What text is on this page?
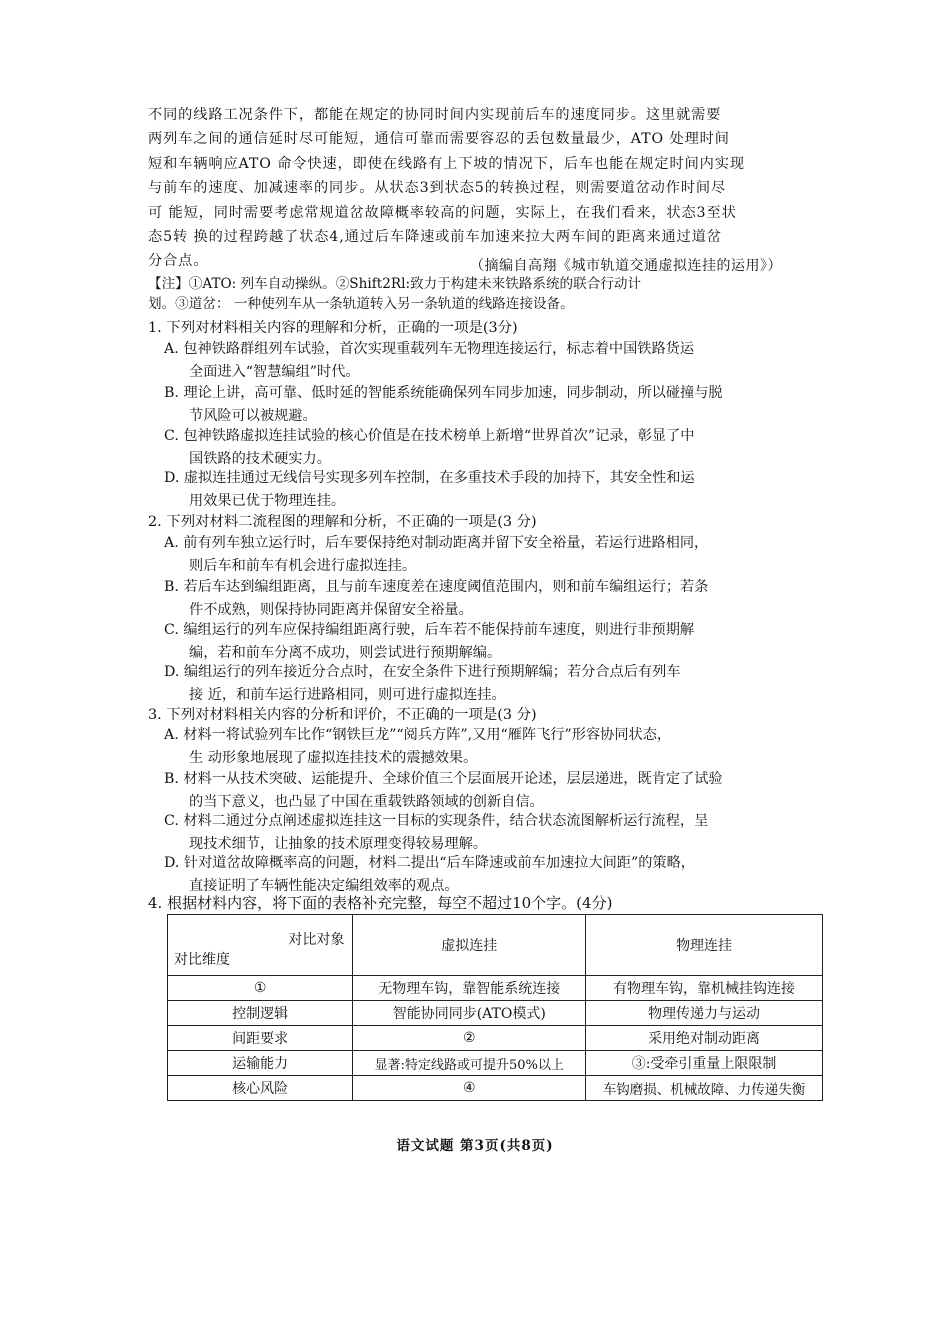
不同的线路工况条件下，都能在规定的协同时间内实现前后车的速度同步。这里就需要
两列车之间的通信延时尽可能短，通信可靠而需要容忍的丢包数量最少，ATO 处理时间
短和车辆响应ATO 命令快速，即使在线路有上下坡的情况下，后车也能在规定时间内实现
与前车的速度、加减速率的同步。从状态3到状态5的转换过程，则需要道岔动作时间尽
可 能短，同时需要考虑常规道岔故障概率较高的问题，实际上，在我们看来，状态3至状
态5转 换的过程跨越了状态4,通过后车降速或前车加速来拉大两车间的距离来通过道岔
分合点。	（摘编自高翔《城市轨道交通虚拟连挂的运用》）
【注】①ATO: 列车自动操纵。②Shift2Rl:致力于构建未来铁路系统的联合行动计
划。③道岔： 一种使列车从一条轨道转入另一条轨道的线路连接设备。
1. 下列对材料相关内容的理解和分析，正确的一项是(3分)
A. 包神铁路群组列车试验，首次实现重载列车无物理连接运行，标志着中国铁路货运
全面进入“智慧编组”时代。
B. 理论上讲，高可靠、低时延的智能系统能确保列车同步加速，同步制动，所以碰撞与脱
节风险可以被规避。
C. 包神铁路虚拟连挂试验的核心价值是在技术榜单上新增“世界首次”记录，彰显了中
国铁路的技术硬实力。
D. 虚拟连挂通过无线信号实现多列车控制，在多重技术手段的加持下，其安全性和运
用效果已优于物理连挂。
2. 下列对材料二流程图的理解和分析，不正确的一项是(3 分)
A. 前有列车独立运行时，后车要保持绝对制动距离并留下安全裕量，若运行进路相同，
则后车和前车有机会进行虚拟连挂。
B. 若后车达到编组距离，且与前车速度差在速度阈值范围内，则和前车编组运行；若条
件不成熟，则保持协同距离并保留安全裕量。
C. 编组运行的列车应保持编组距离行驶，后车若不能保持前车速度，则进行非预期解
编，若和前车分离不成功，则尝试进行预期解编。
D. 编组运行的列车接近分合点时，在安全条件下进行预期解编；若分合点后有列车
接 近，和前车运行进路相同，则可进行虚拟连挂。
3. 下列对材料相关内容的分析和评价，不正确的一项是(3 分)
A. 材料一将试验列车比作“钢铁巨龙”“阅兵方阵”,又用“雁阵飞行”形容协同状态，
生 动形象地展现了虚拟连挂技术的震撼效果。
B. 材料一从技术突破、运能提升、全球价值三个层面展开论述，层层递进，既肯定了试验
的当下意义，也凸显了中国在重载铁路领域的创新自信。
C. 材料二通过分点阐述虚拟连挂这一目标的实现条件，结合状态流图解析运行流程，呈
现技术细节，让抽象的技术原理变得较易理解。
D. 针对道岔故障概率高的问题，材料二提出“后车降速或前车加速拉大间距”的策略，
直接证明了车辆性能决定编组效率的观点。
4. 根据材料内容，将下面的表格补充完整，每空不超过10个字。(4分)
对比对象
对比维度	虚拟连挂	物理连挂
①	无物理车钩，靠智能系统连接	有物理车钩，靠机械挂钩连接
控制逻辑	智能协同同步(ATO模式)	物理传递力与运动
间距要求	②	采用绝对制动距离
运输能力	显著:特定线路或可提升50%以上	③:受牵引重量上限限制
核心风险	④	车钩磨损、机械故障、力传递失衡
语文试题 第3页(共8页)
